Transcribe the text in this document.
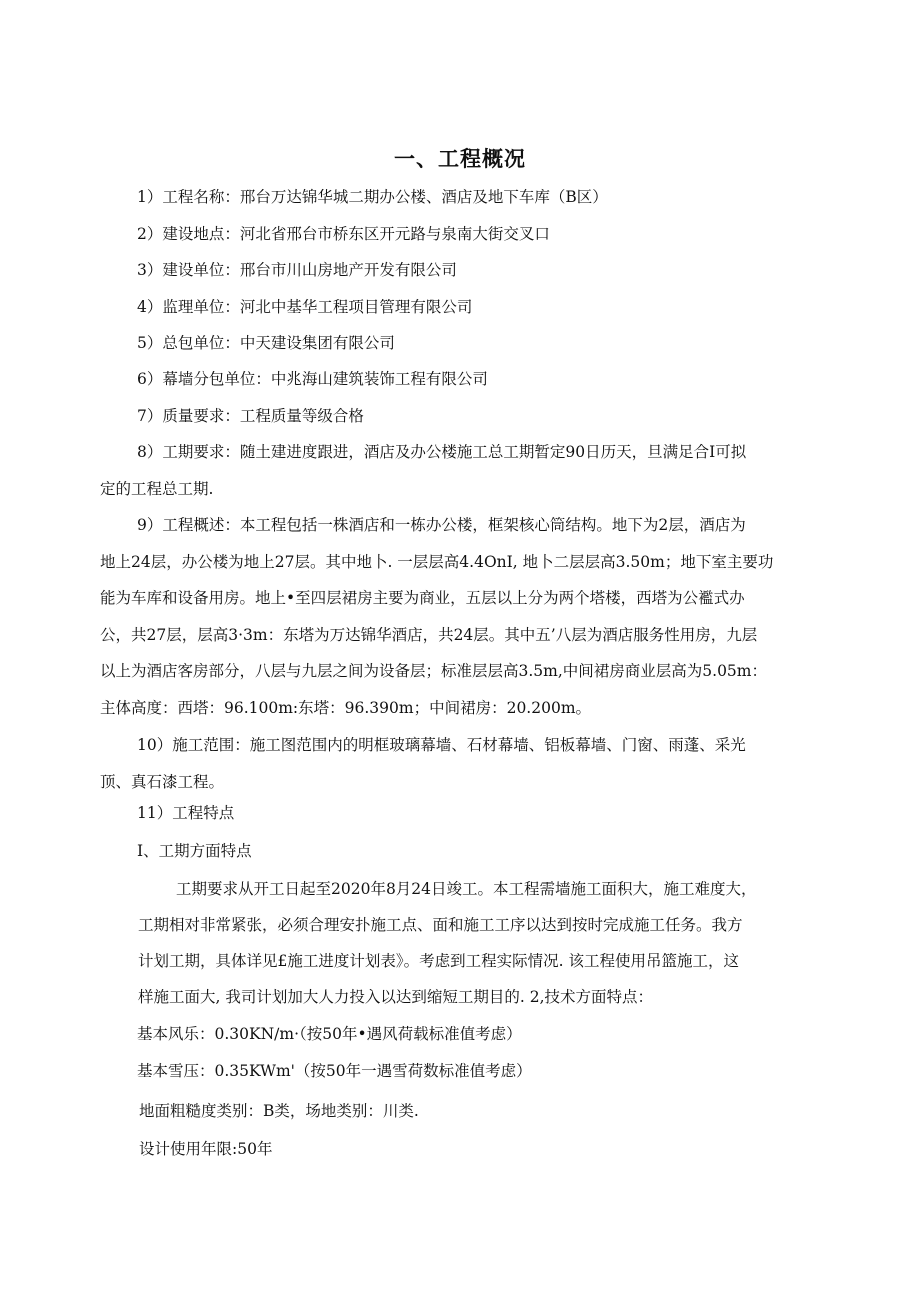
一、工程概况
1）工程名称：邢台万达锦华城二期办公楼、酒店及地下车库（B区）
2）建设地点：河北省邢台市桥东区开元路与泉南大街交叉口
3）建设单位：邢台市川山房地产开发有限公司
4）监理单位：河北中基华工程项目管理有限公司
5）总包单位：中天建设集团有限公司
6）幕墙分包单位：中兆海山建筑装饰工程有限公司
7）质量要求：工程质量等级合格
8）工期要求：随土建进度跟进，酒店及办公楼施工总工期暂定90日历天，旦满足合I可拟
定的工程总工期.
9）工程概述：本工程包括一株酒店和一栋办公楼，框架核心筒结构。地下为2层，酒店为
地上24层，办公楼为地上27层。其中地卜. 一层层高4.4OnI, 地卜二层层高3.50m；地下室主要功
能为车库和设备用房。地上•至四层裙房主要为商业，五层以上分为两个塔楼，西塔为公襤式办
公，共27层，层高3·3m：东塔为万达锦华酒店，共24层。其中五’八层为酒店服务性用房，九层
以上为酒店客房部分，八层与九层之间为设备层；标准层层高3.5m,中间裙房商业层高为5.05m：
主体高度：西塔：96.100m:东塔：96.390m；中间裙房：20.200m。
10）施工范围：施工图范围内的明框玻璃幕墙、石材幕墙、铝板幕墙、门窗、雨蓬、采光
顶、真石漆工程。
11）工程特点
I、工期方面特点
工期要求从开工日起至2020年8月24日竣工。本工程需墙施工面积大，施工难度大，
工期相对非常紧张，必须合理安扑施工点、面和施工工序以达到按时完成施工任务。我方
计划工期，具体详见£施工进度计划表》。考虑到工程实际情况. 该工程使用吊篮施工，这
样施工面大, 我司计划加大人力投入以达到缩短工期目的. 2,技术方面特点：
基本风乐：0.30KN∕m·（按50年•遇风荷载标准值考虑）
基本雪压：0.35KWm'（按50年一遇雪荷数标准值考虑）
地面粗糙度类别：B类，场地类别：川类.
设计使用年限:50年
